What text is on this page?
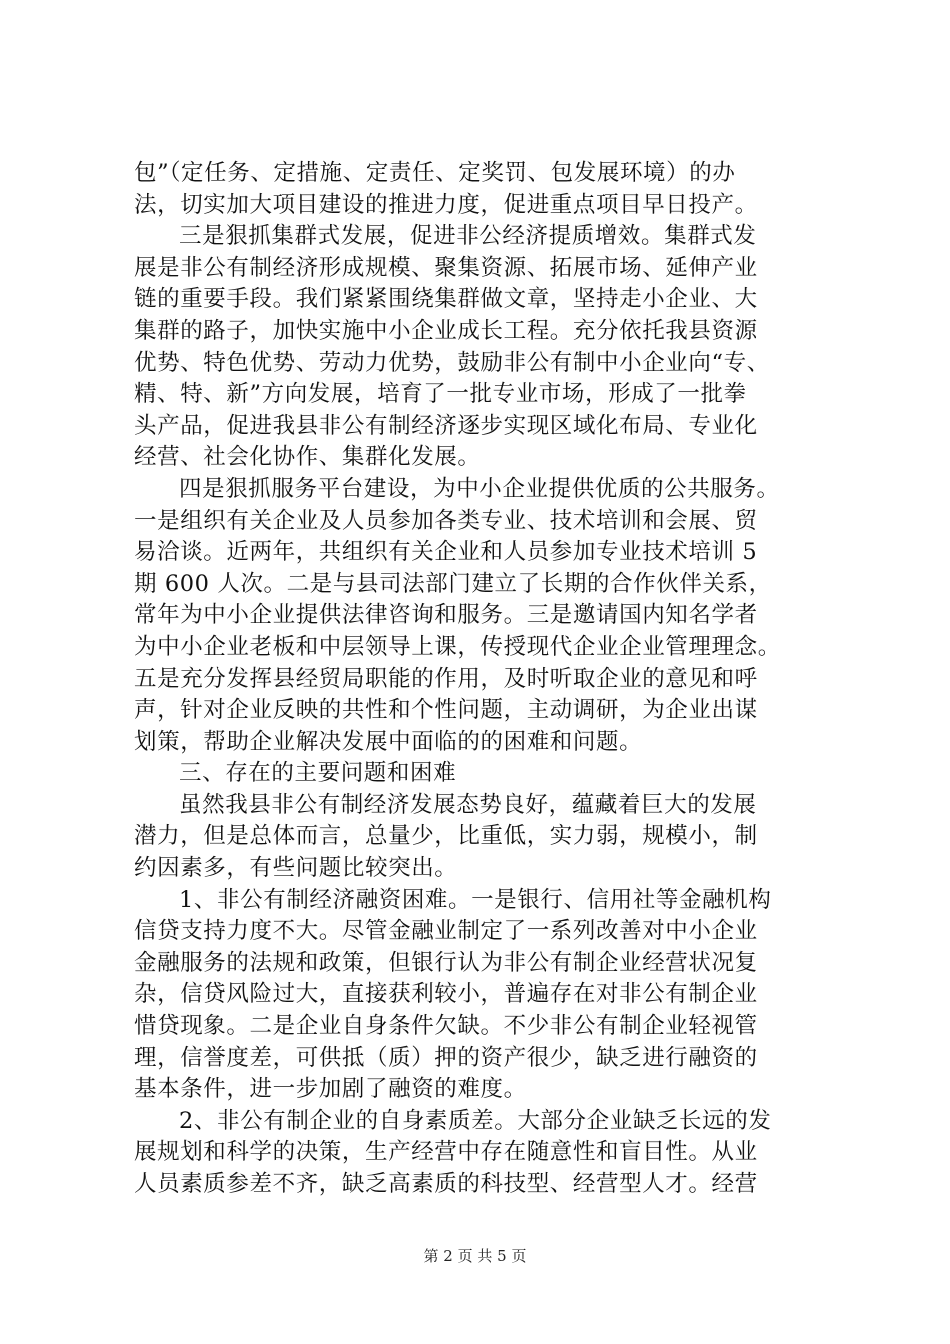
包”（定任务、定措施、定责任、定奖罚、包发展环境）的办
法，切实加大项目建设的推进力度，促进重点项目早日投产。
三是狠抓集群式发展，促进非公经济提质增效。集群式发
展是非公有制经济形成规模、聚集资源、拓展市场、延伸产业
链的重要手段。我们紧紧围绕集群做文章，坚持走小企业、大
集群的路子，加快实施中小企业成长工程。充分依托我县资源
优势、特色优势、劳动力优势，鼓励非公有制中小企业向“专、
精、特、新”方向发展，培育了一批专业市场，形成了一批拳
头产品，促进我县非公有制经济逐步实现区域化布局、专业化
经营、社会化协作、集群化发展。
四是狠抓服务平台建设，为中小企业提供优质的公共服务。
一是组织有关企业及人员参加各类专业、技术培训和会展、贸
易洽谈。近两年，共组织有关企业和人员参加专业技术培训 5
期 600 人次。二是与县司法部门建立了长期的合作伙伴关系，
常年为中小企业提供法律咨询和服务。三是邀请国内知名学者
为中小企业老板和中层领导上课，传授现代企业企业管理理念。
五是充分发挥县经贸局职能的作用，及时听取企业的意见和呼
声，针对企业反映的共性和个性问题，主动调研，为企业出谋
划策，帮助企业解决发展中面临的的困难和问题。
三、存在的主要问题和困难
虽然我县非公有制经济发展态势良好，蕴藏着巨大的发展
潜力，但是总体而言，总量少，比重低，实力弱，规模小，制
约因素多，有些问题比较突出。
1、非公有制经济融资困难。一是银行、信用社等金融机构
信贷支持力度不大。尽管金融业制定了一系列改善对中小企业
金融服务的法规和政策，但银行认为非公有制企业经营状况复
杂，信贷风险过大，直接获利较小，普遍存在对非公有制企业
惜贷现象。二是企业自身条件欠缺。不少非公有制企业轻视管
理，信誉度差，可供抵（质）押的资产很少，缺乏进行融资的
基本条件，进一步加剧了融资的难度。
2、非公有制企业的自身素质差。大部分企业缺乏长远的发
展规划和科学的决策，生产经营中存在随意性和盲目性。从业
人员素质参差不齐，缺乏高素质的科技型、经营型人才。经营
第 2 页 共 5 页
